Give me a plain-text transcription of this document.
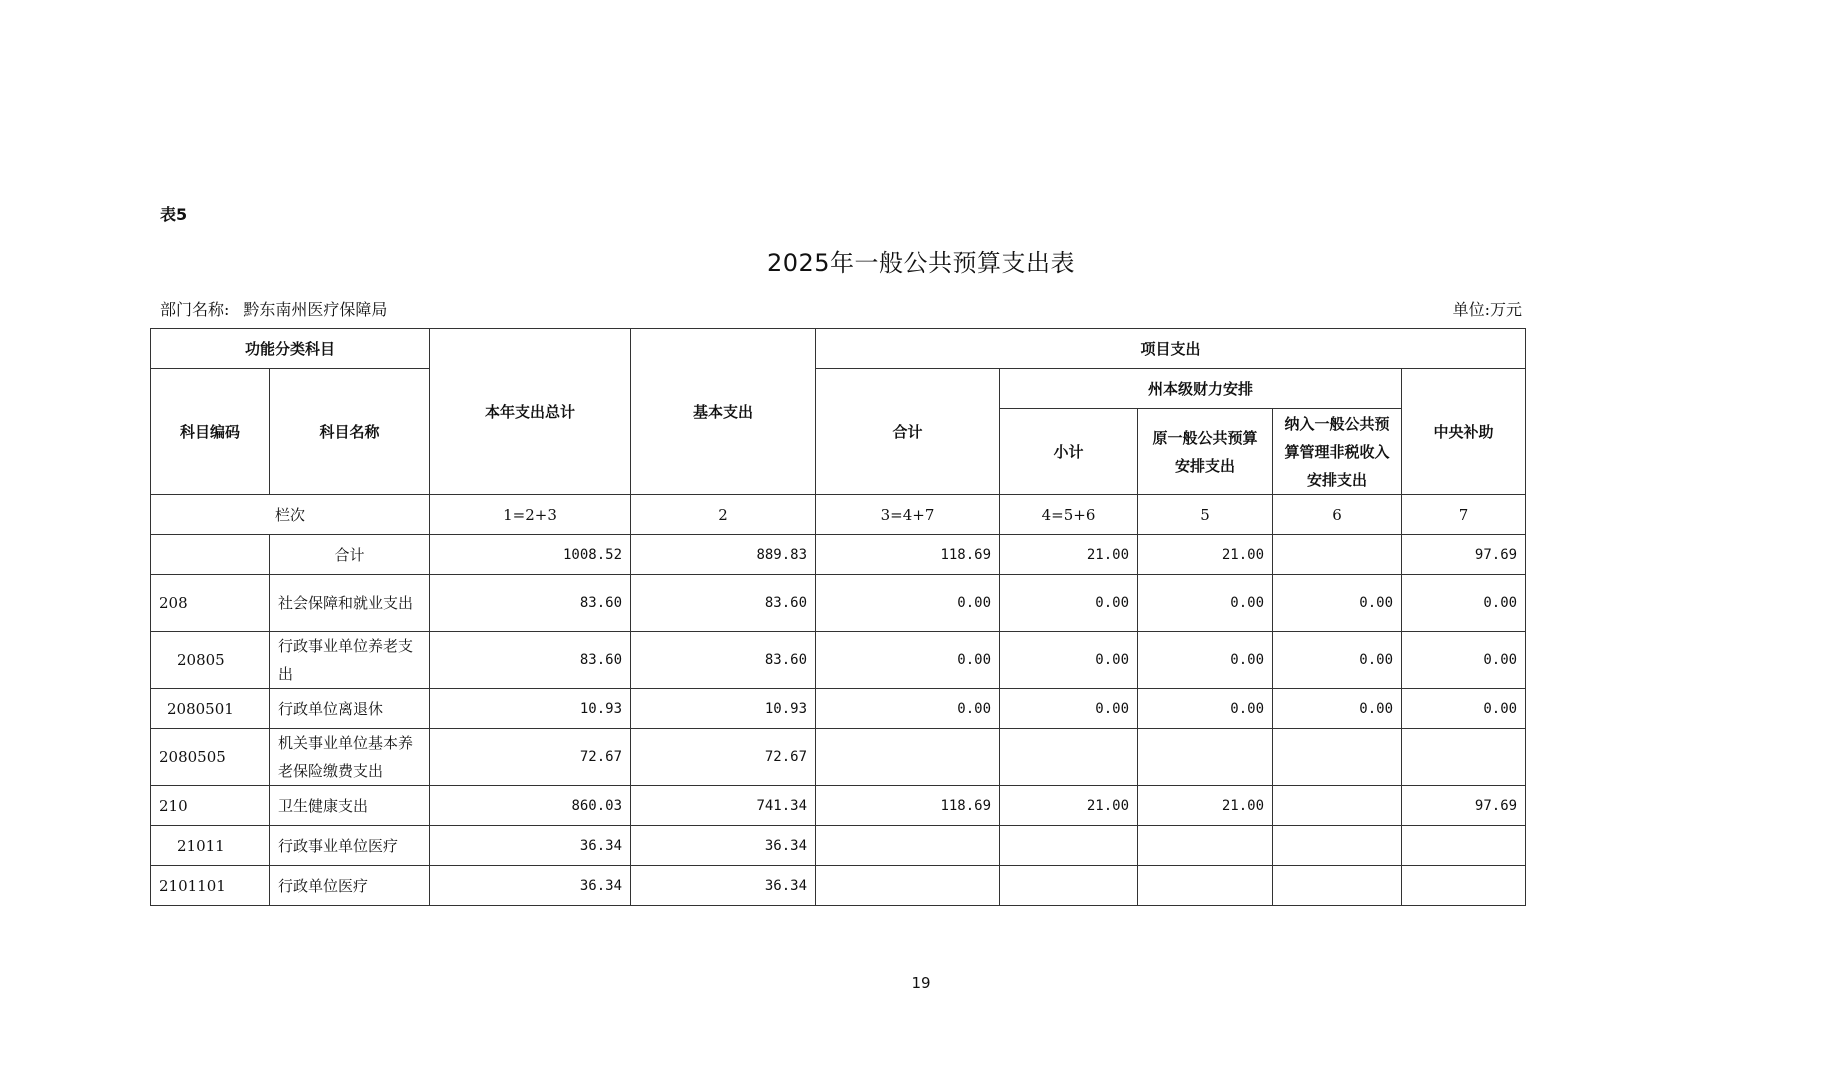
表5
2025年一般公共预算支出表
部门名称: 黔东南州医疗保障局	单位:万元
功能分类科目		本年支出总计	基本支出	项目支出				
科目编码	科目名称			合计	州本级财力安排			中央补助
					小计	原一般公共预算安排支出	纳入一般公共预算管理非税收入安排支出	

栏次		1=2+3	2	3=4+7	4=5+6	5	6	7
	合计	1008.52	889.83	118.69	21.00	21.00		97.69
208	社会保障和就业支出	83.60	83.60	0.00	0.00	0.00	0.00	0.00
20805	行政事业单位养老支出	83.60	83.60	0.00	0.00	0.00	0.00	0.00
2080501	行政单位离退休	10.93	10.93	0.00	0.00	0.00	0.00	0.00
2080505	机关事业单位基本养老保险缴费支出	72.67	72.67					
210	卫生健康支出	860.03	741.34	118.69	21.00	21.00		97.69
21011	行政事业单位医疗	36.34	36.34					
2101101	行政单位医疗	36.34	36.34					
19
